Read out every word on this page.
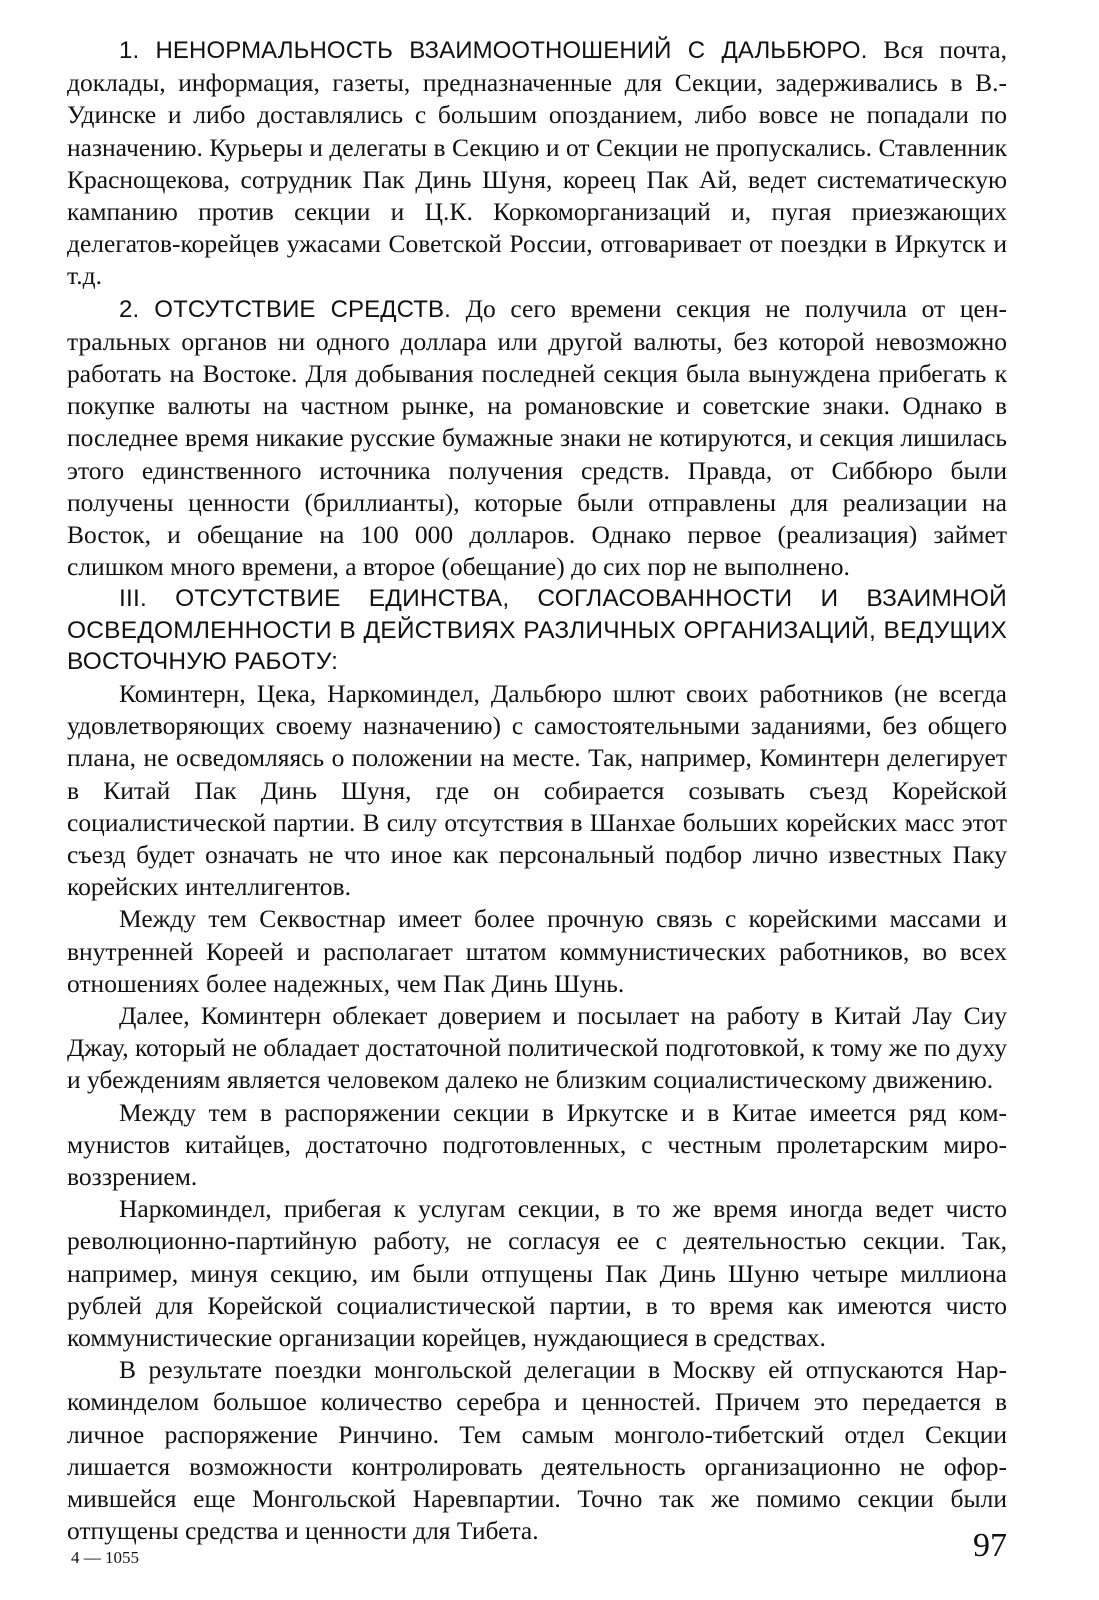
1. НЕНОРМАЛЬНОСТЬ ВЗАИМООТНОШЕНИЙ С ДАЛЬБЮРО. Вся почта, доклады, информация, газеты, предназначенные для Секции, задерживались в В.-Удинске и либо доставлялись с большим опозданием, либо вовсе не попадали по назначению. Курьеры и делегаты в Секцию и от Секции не пропускались. Ставленник Краснощекова, сотрудник Пак Динь Шуня, кореец Пак Ай, ведет систематическую кампанию против секции и Ц.К. Коркоморганизаций и, пугая приезжающих делегатов-корейцев ужасами Советской России, отговаривает от поездки в Иркутск и т.д.

2. ОТСУТСТВИЕ СРЕДСТВ. До сего времени секция не получила от центральных органов ни одного доллара или другой валюты, без которой невозможно работать на Востоке. Для добывания последней секция была вынуждена прибегать к покупке валюты на частном рынке, на романовские и советские знаки. Однако в последнее время никакие русские бумажные знаки не котируются, и секция лишилась этого единственного источника получения средств. Правда, от Сиббюро были получены ценности (бриллианты), которые были отправлены для реализации на Восток, и обещание на 100 000 долларов. Однако первое (реализация) займет слишком много времени, а второе (обещание) до сих пор не выполнено.

III. ОТСУТСТВИЕ ЕДИНСТВА, СОГЛАСОВАННОСТИ И ВЗАИМНОЙ ОСВЕДОМЛЕННОСТИ В ДЕЙСТВИЯХ РАЗЛИЧНЫХ ОРГАНИЗАЦИЙ, ВЕДУЩИХ ВОСТОЧНУЮ РАБОТУ:

Коминтерн, Цека, Наркоминдел, Дальбюро шлют своих работников (не всегда удовлетворяющих своему назначению) с самостоятельными заданиями, без общего плана, не осведомляясь о положении на месте. Так, например, Коминтерн делегирует в Китай Пак Динь Шуня, где он собирается созывать съезд Корейской социалистической партии. В силу отсутствия в Шанхае больших корейских масс этот съезд будет означать не что иное как персональный подбор лично известных Паку корейских интеллигентов.

Между тем Секвостнар имеет более прочную связь с корейскими массами и внутренней Кореей и располагает штатом коммунистических работников, во всех отношениях более надежных, чем Пак Динь Шунь.

Далее, Коминтерн облекает доверием и посылает на работу в Китай Лау Сиу Джау, который не обладает достаточной политической подготовкой, к тому же по духу и убеждениям является человеком далеко не близким социалистическому движению.

Между тем в распоряжении секции в Иркутске и в Китае имеется ряд коммунистов китайцев, достаточно подготовленных, с честным пролетарским мировоззрением.

Наркоминдел, прибегая к услугам секции, в то же время иногда ведет чисто революционно-партийную работу, не согласуя ее с деятельностью секции. Так, например, минуя секцию, им были отпущены Пак Динь Шуню четыре миллиона рублей для Корейской социалистической партии, в то время как имеются чисто коммунистические организации корейцев, нуждающиеся в средствах.

В результате поездки монгольской делегации в Москву ей отпускаются Наркоминделом большое количество серебра и ценностей. Причем это передается в личное распоряжение Ринчино. Тем самым монголо-тибетский отдел Секции лишается возможности контролировать деятельность организационно не оформившейся еще Монгольской Наревпартии. Точно так же помимо секции были отпущены средства и ценности для Тибета.

4 — 1055	97
